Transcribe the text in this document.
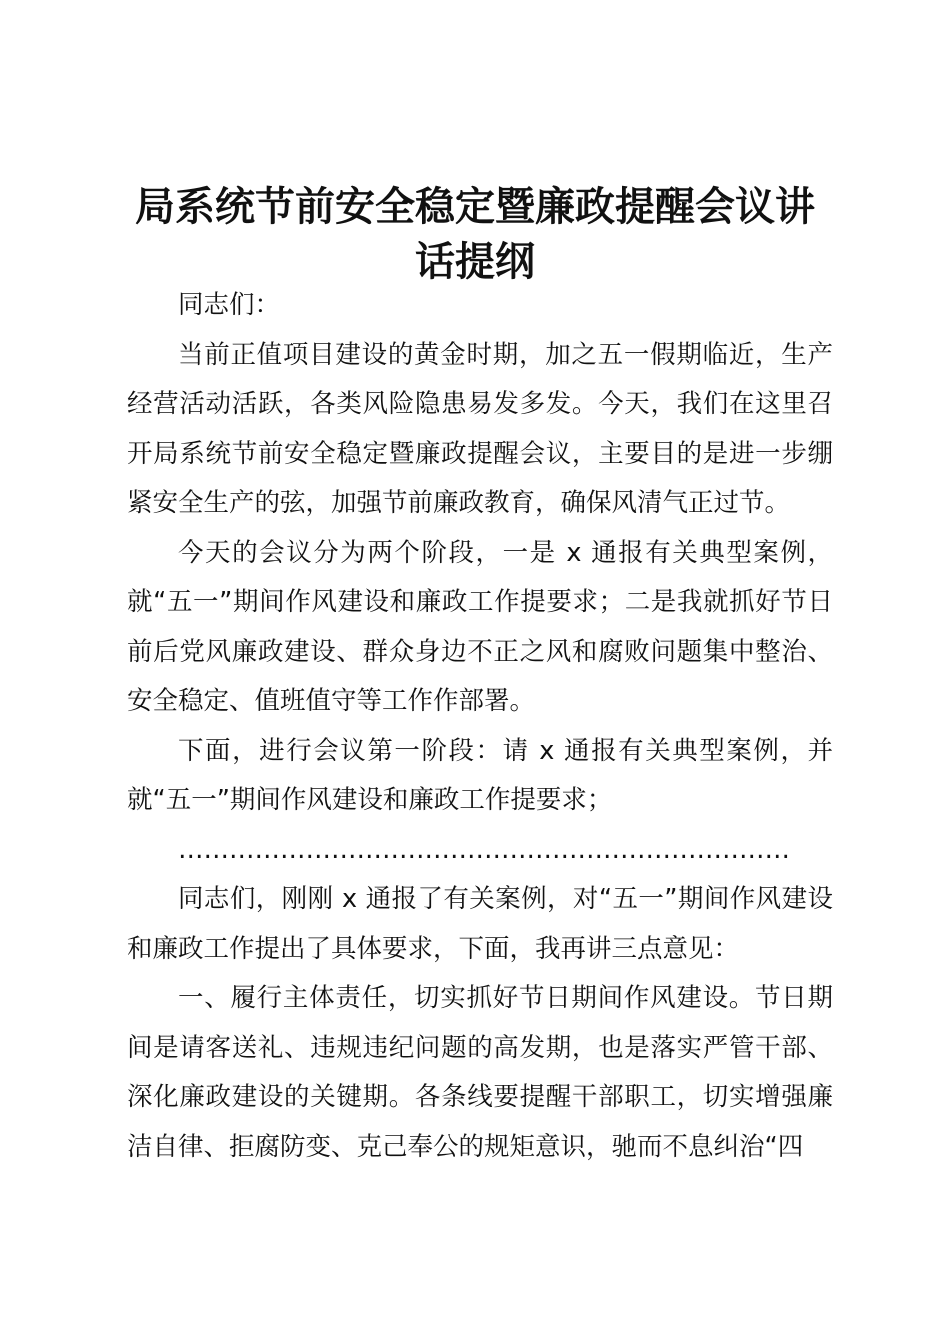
局系统节前安全稳定暨廉政提醒会议讲话提纲

同志们：

当前正值项目建设的黄金时期，加之五一假期临近，生产经营活动活跃，各类风险隐患易发多发。今天，我们在这里召开局系统节前安全稳定暨廉政提醒会议，主要目的是进一步绷紧安全生产的弦，加强节前廉政教育，确保风清气正过节。

今天的会议分为两个阶段，一是 x 通报有关典型案例，就“五一”期间作风建设和廉政工作提要求；二是我就抓好节日前后党风廉政建设、群众身边不正之风和腐败问题集中整治、安全稳定、值班值守等工作作部署。

下面，进行会议第一阶段：请 x 通报有关典型案例，并就“五一”期间作风建设和廉政工作提要求；

………………………………………………………………

同志们，刚刚 x 通报了有关案例，对“五一”期间作风建设和廉政工作提出了具体要求，下面，我再讲三点意见：

一、履行主体责任，切实抓好节日期间作风建设。节日期间是请客送礼、违规违纪问题的高发期，也是落实严管干部、深化廉政建设的关键期。各条线要提醒干部职工，切实增强廉洁自律、拒腐防变、克己奉公的规矩意识，驰而不息纠治“四
